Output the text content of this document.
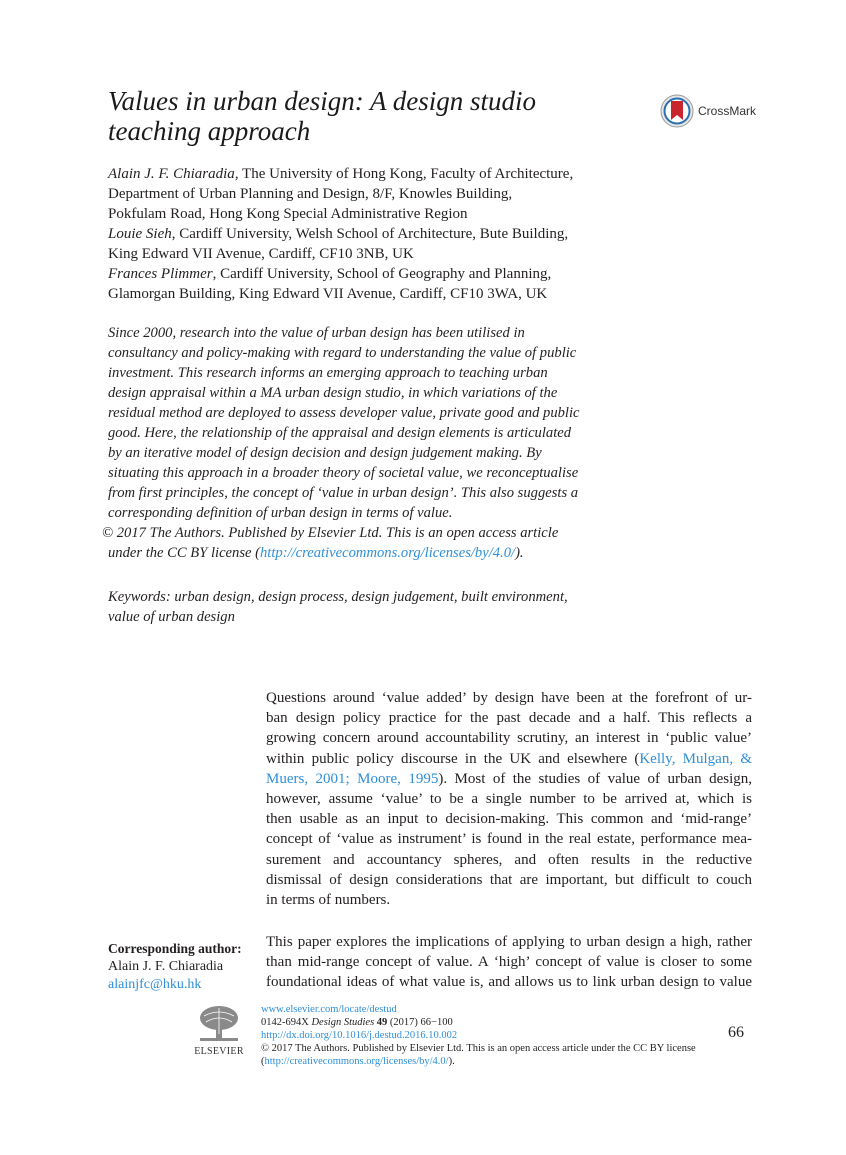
Values in urban design: A design studio
teaching approach
CrossMark
Alain J. F. Chiaradia, The University of Hong Kong, Faculty of Architecture,
Department of Urban Planning and Design, 8/F, Knowles Building,
Pokfulam Road, Hong Kong Special Administrative Region
Louie Sieh, Cardiff University, Welsh School of Architecture, Bute Building,
King Edward VII Avenue, Cardiff, CF10 3NB, UK
Frances Plimmer, Cardiff University, School of Geography and Planning,
Glamorgan Building, King Edward VII Avenue, Cardiff, CF10 3WA, UK
Since 2000, research into the value of urban design has been utilised in
consultancy and policy-making with regard to understanding the value of public
investment. This research informs an emerging approach to teaching urban
design appraisal within a MA urban design studio, in which variations of the
residual method are deployed to assess developer value, private good and public
good. Here, the relationship of the appraisal and design elements is articulated
by an iterative model of design decision and design judgement making. By
situating this approach in a broader theory of societal value, we reconceptualise
from first principles, the concept of ‘value in urban design’. This also suggests a
corresponding definition of urban design in terms of value.
© 2017 The Authors. Published by Elsevier Ltd. This is an open access article
under the CC BY license (http://creativecommons.org/licenses/by/4.0/).
Keywords: urban design, design process, design judgement, built environment,
value of urban design
Questions around ‘value added’ by design have been at the forefront of ur-
ban design policy practice for the past decade and a half. This reflects a
growing concern around accountability scrutiny, an interest in ‘public value’
within public policy discourse in the UK and elsewhere (Kelly, Mulgan, &
Muers, 2001; Moore, 1995). Most of the studies of value of urban design,
however, assume ‘value’ to be a single number to be arrived at, which is
then usable as an input to decision-making. This common and ‘mid-range’
concept of ‘value as instrument’ is found in the real estate, performance mea-
surement and accountancy spheres, and often results in the reductive
dismissal of design considerations that are important, but difficult to couch
in terms of numbers.
This paper explores the implications of applying to urban design a high, rather
than mid-range concept of value. A ‘high’ concept of value is closer to some
foundational ideas of what value is, and allows us to link urban design to value
Corresponding author:
Alain J. F. Chiaradia
alainjfc@hku.hk
ELSEVIER
www.elsevier.com/locate/destud
0142-694X Design Studies 49 (2017) 66−100
http://dx.doi.org/10.1016/j.destud.2016.10.002
© 2017 The Authors. Published by Elsevier Ltd. This is an open access article under the CC BY license
(http://creativecommons.org/licenses/by/4.0/).
66
